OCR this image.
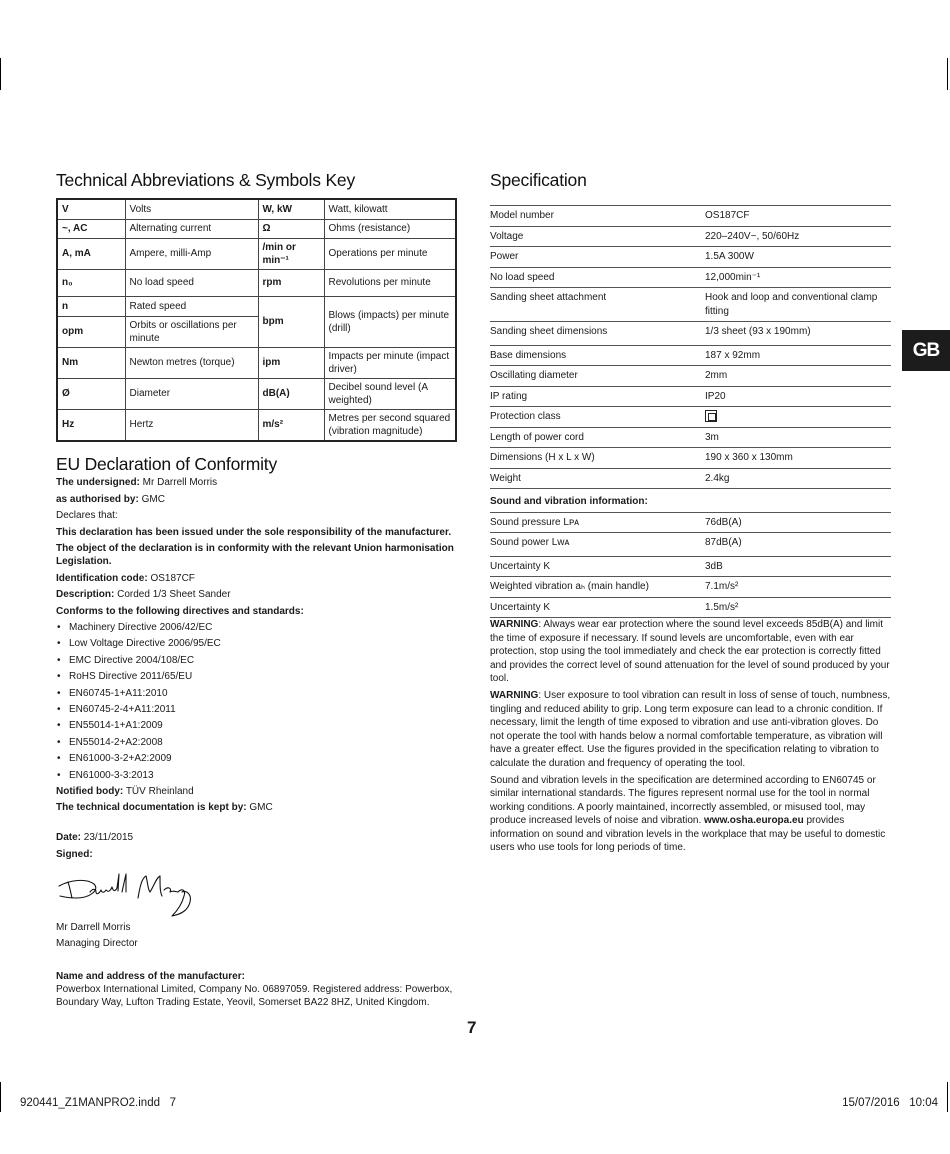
Technical Abbreviations & Symbols Key
V	Volts	W, kW	Watt, kilowatt
~, AC	Alternating current	Ω	Ohms (resistance)
A, mA	Ampere, milli-Amp	/min or min⁻¹	Operations per minute
n₀	No load speed	rpm	Revolutions per minute
n	Rated speed	bpm	Blows (impacts) per minute (drill)
opm	Orbits or oscillations per minute		
Nm	Newton metres (torque)	ipm	Impacts per minute (impact driver)
Ø	Diameter	dB(A)	Decibel sound level (A weighted)
Hz	Hertz	m/s²	Metres per second squared (vibration magnitude)
EU Declaration of Conformity

The undersigned: Mr Darrell Morris

as authorised by: GMC

Declares that:

This declaration has been issued under the sole responsibility of the manufacturer.

The object of the declaration is in conformity with the relevant Union harmonisation Legislation.

Identification code: OS187CF

Description: Corded 1/3 Sheet Sander

Conforms to the following directives and standards:

• Machinery Directive 2006/42/EC
• Low Voltage Directive 2006/95/EC
• EMC Directive 2004/108/EC
• RoHS Directive 2011/65/EU
• EN60745-1+A11:2010
• EN60745-2-4+A11:2011
• EN55014-1+A1:2009
• EN55014-2+A2:2008
• EN61000-3-2+A2:2009
• EN61000-3-3:2013

Notified body: TÜV Rheinland

The technical documentation is kept by: GMC

Date: 23/11/2015

Signed:

Mr Darrell Morris
Managing Director
Name and address of the manufacturer:
Powerbox International Limited, Company No. 06897059. Registered address: Powerbox, Boundary Way, Lufton Trading Estate, Yeovil, Somerset BA22 8HZ, United Kingdom.
Specification
Model number	OS187CF
Voltage	220–240V~, 50/60Hz
Power	1.5A 300W
No load speed	12,000min⁻¹
Sanding sheet attachment	Hook and loop and conventional clamp fitting
Sanding sheet dimensions	1/3 sheet (93 x 190mm)
Base dimensions	187 x 92mm
Oscillating diameter	2mm
IP rating	IP20
Protection class	
Length of power cord	3m
Dimensions (H x L x W)	190 x 360 x 130mm
Weight	2.4kg
Sound and vibration information:	
Sound pressure Lᴘᴀ	76dB(A)
Sound power Lᴡᴀ	87dB(A)
Uncertainty K	3dB
Weighted vibration aₕ (main handle)	7.1m/s²
Uncertainty K	1.5m/s²
GB

WARNING: Always wear ear protection where the sound level exceeds 85dB(A) and limit the time of exposure if necessary. If sound levels are uncomfortable, even with ear protection, stop using the tool immediately and check the ear protection is correctly fitted and provides the correct level of sound attenuation for the level of sound produced by your tool.

WARNING: User exposure to tool vibration can result in loss of sense of touch, numbness, tingling and reduced ability to grip. Long term exposure can lead to a chronic condition. If necessary, limit the length of time exposed to vibration and use anti-vibration gloves. Do not operate the tool with hands below a normal comfortable temperature, as vibration will have a greater effect. Use the figures provided in the specification relating to vibration to calculate the duration and frequency of operating the tool.

Sound and vibration levels in the specification are determined according to EN60745 or similar international standards. The figures represent normal use for the tool in normal working conditions. A poorly maintained, incorrectly assembled, or misused tool, may produce increased levels of noise and vibration. www.osha.europa.eu provides information on sound and vibration levels in the workplace that may be useful to domestic users who use tools for long periods of time.

7
920441_Z1MANPRO2.indd   7	15/07/2016   10:04
